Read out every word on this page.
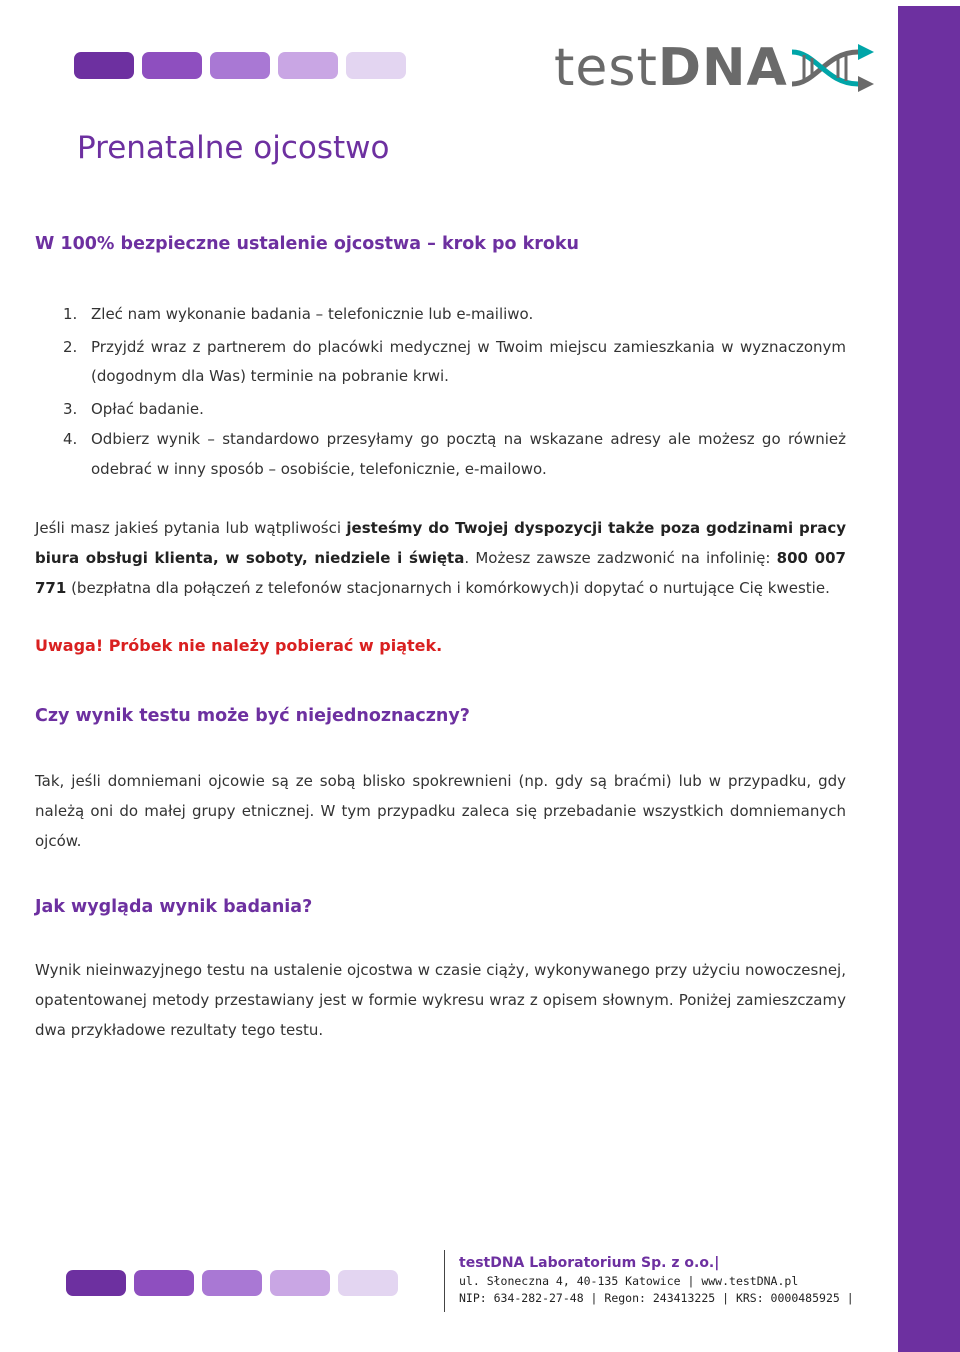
testDNA
Prenatalne ojcostwo
W 100% bezpieczne ustalenie ojcostwa – krok po kroku
1. Zleć nam wykonanie badania – telefonicznie lub e-mailiwo.
2. Przyjdź wraz z partnerem do placówki medycznej w Twoim miejscu zamieszkania w wyznaczonym (dogodnym dla Was) terminie na pobranie krwi.
3. Opłać badanie.
4. Odbierz wynik – standardowo przesyłamy go pocztą na wskazane adresy ale możesz go również odebrać w inny sposób – osobiście, telefonicznie, e-mailowo.

Jeśli masz jakieś pytania lub wątpliwości jesteśmy do Twojej dyspozycji także poza godzinami pracy biura obsługi klienta, w soboty, niedziele i święta. Możesz zawsze zadzwonić na infolinię: 800 007 771 (bezpłatna dla połączeń z telefonów stacjonarnych i komórkowych)i dopytać o nurtujące Cię kwestie.

Uwaga! Próbek nie należy pobierać w piątek.

Czy wynik testu może być niejednoznaczny?

Tak, jeśli domniemani ojcowie są ze sobą blisko spokrewnieni (np. gdy są braćmi) lub w przypadku, gdy należą oni do małej grupy etnicznej. W tym przypadku zaleca się przebadanie wszystkich domniemanych ojców.

Jak wygląda wynik badania?

Wynik nieinwazyjnego testu na ustalenie ojcostwa w czasie ciąży, wykonywanego przy użyciu nowoczesnej, opatentowanej metody przestawiany jest w formie wykresu wraz z opisem słownym. Poniżej zamieszczamy dwa przykładowe rezultaty tego testu.

testDNA Laboratorium Sp. z o.o.|
ul. Słoneczna 4, 40-135 Katowice | www.testDNA.pl
NIP: 634-282-27-48 | Regon: 243413225 | KRS: 0000485925 |
